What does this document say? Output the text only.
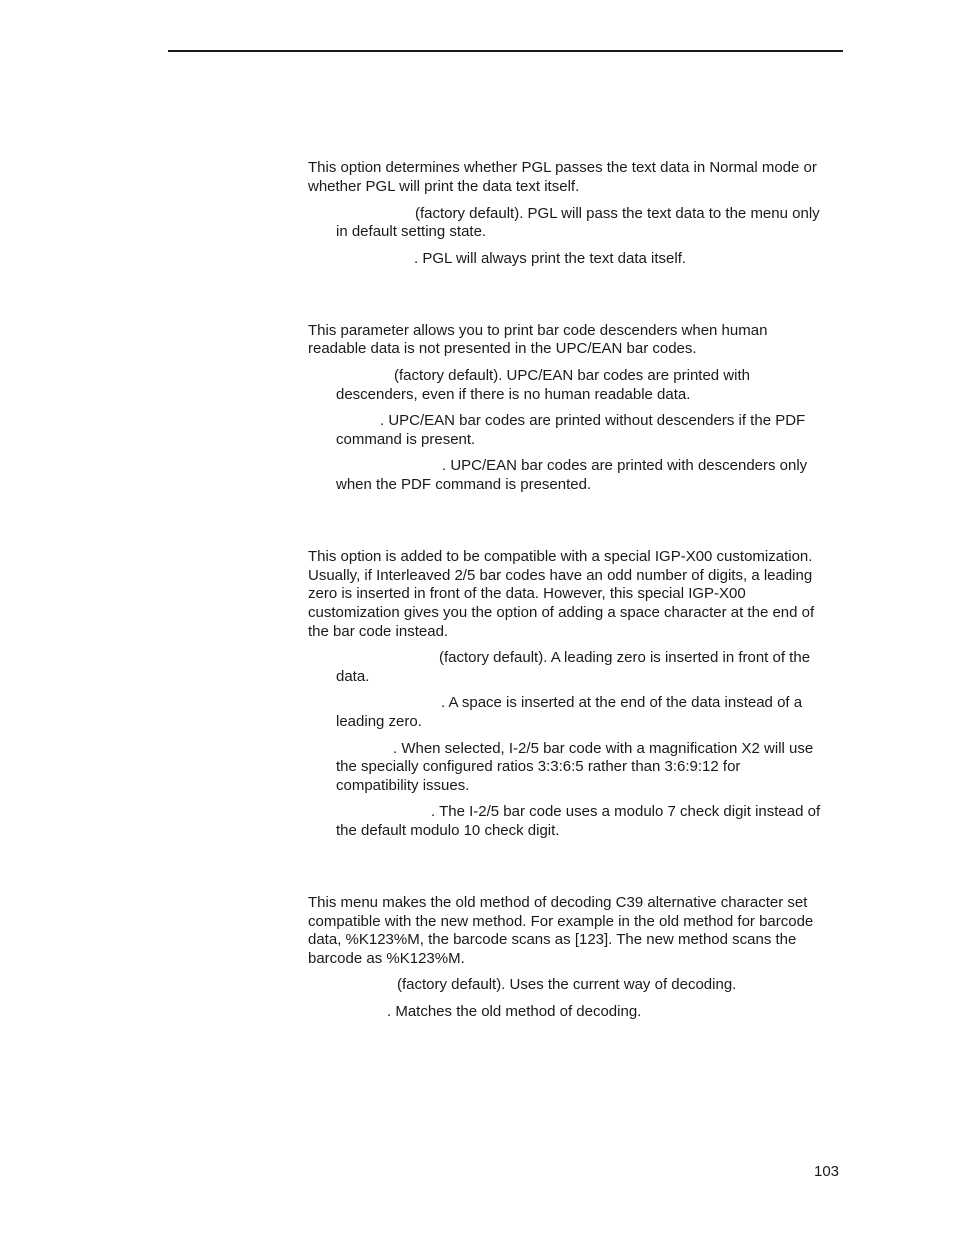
This option determines whether PGL passes the text data in Normal mode or
whether PGL will print the data text itself.
(factory default). PGL will pass the text data to the menu only
in default setting state.
. PGL will always print the text data itself.
This parameter allows you to print bar code descenders when human
readable data is not presented in the UPC/EAN bar codes.
(factory default). UPC/EAN bar codes are printed with
descenders, even if there is no human readable data.
. UPC/EAN bar codes are printed without descenders if the PDF
command is present.
. UPC/EAN bar codes are printed with descenders only
when the PDF command is presented.
This option is added to be compatible with a special IGP-X00 customization.
Usually, if Interleaved 2/5 bar codes have an odd number of digits, a leading
zero is inserted in front of the data. However, this special IGP-X00
customization gives you the option of adding a space character at the end of
the bar code instead.
(factory default). A leading zero is inserted in front of the
data.
. A space is inserted at the end of the data instead of a
leading zero.
. When selected, I-2/5 bar code with a magnification X2 will use
the specially configured ratios 3:3:6:5 rather than 3:6:9:12 for
compatibility issues.
. The I-2/5 bar code uses a modulo 7 check digit instead of
the default modulo 10 check digit.
This menu makes the old method of decoding C39 alternative character set
compatible with the new method. For example in the old method for barcode
data, %K123%M, the barcode scans as [123]. The new method scans the
barcode as %K123%M.
(factory default). Uses the current way of decoding.
. Matches the old method of decoding.
103
